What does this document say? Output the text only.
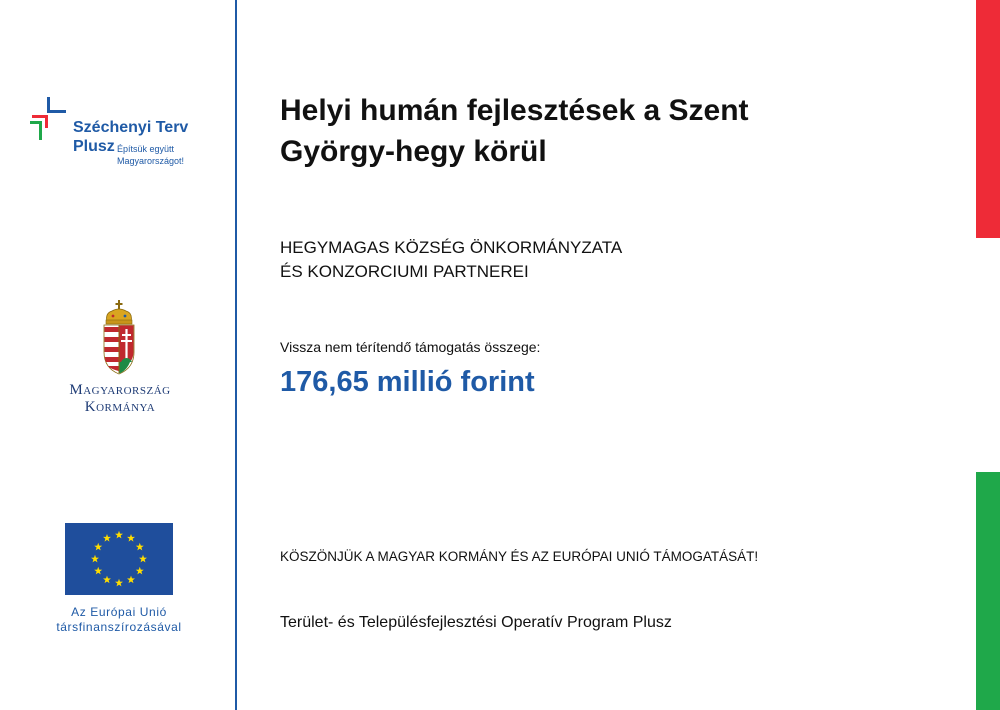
Széchenyi Terv
Plusz Építsük együtt
Magyarországot!
Magyarország
Kormánya
Az Európai Unió
társfinanszírozásával
Helyi humán fejlesztések a Szent
György-hegy körül
HEGYMAGAS KÖZSÉG ÖNKORMÁNYZATA
ÉS KONZORCIUMI PARTNEREI
Vissza nem térítendő támogatás összege:
176,65 millió forint
KÖSZÖNJÜK A MAGYAR KORMÁNY ÉS AZ EURÓPAI UNIÓ TÁMOGATÁSÁT!
Terület- és Településfejlesztési Operatív Program Plusz
